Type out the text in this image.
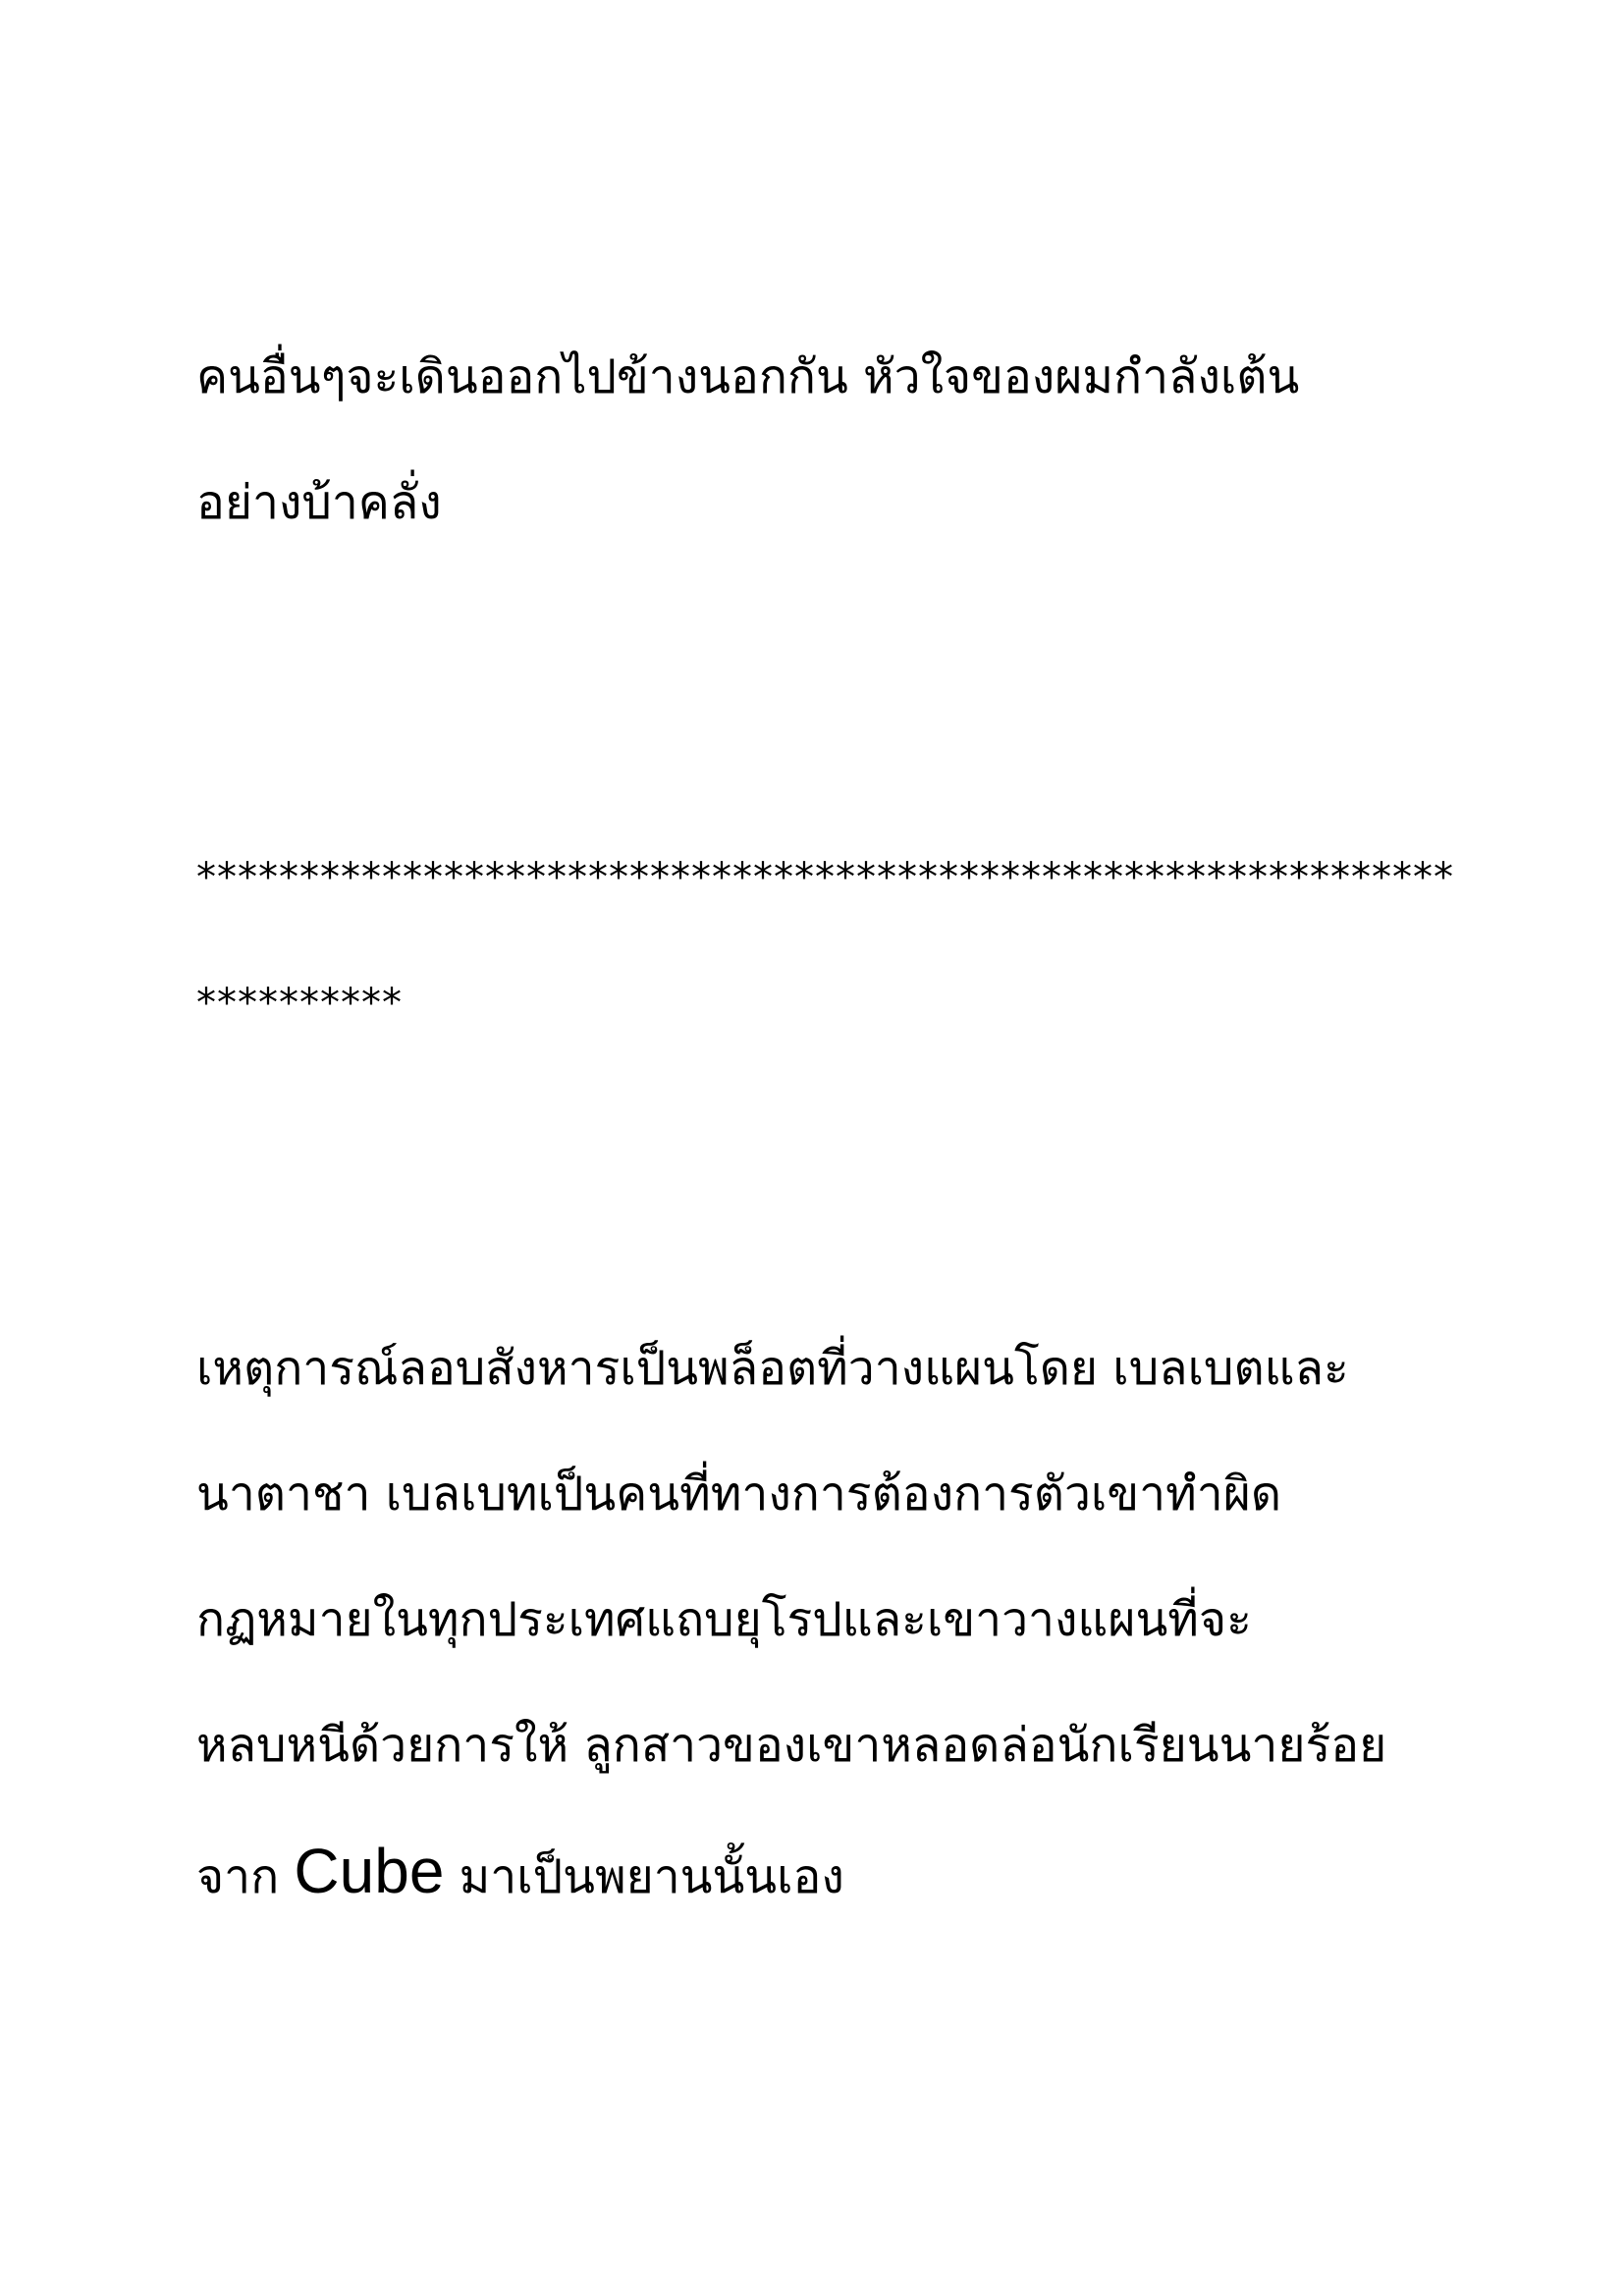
คนอื่นๆจะเดินออกไปข้างนอกกัน หัวใจของผมกำลังเต้น
อย่างบ้าคลั่ง
*************************************************************
**********
เหตุการณ์ลอบสังหารเป็นพล็อตที่วางแผนโดย เบลเบตและ
นาตาชา เบลเบทเป็นคนที่ทางการต้องการตัวเขาทำผิด
กฏหมายในทุกประเทศแถบยุโรปและเขาวางแผนที่จะ
หลบหนีด้วยการให้ ลูกสาวของเขาหลอดล่อนักเรียนนายร้อย
จาก Cube มาเป็นพยานนั้นเอง
